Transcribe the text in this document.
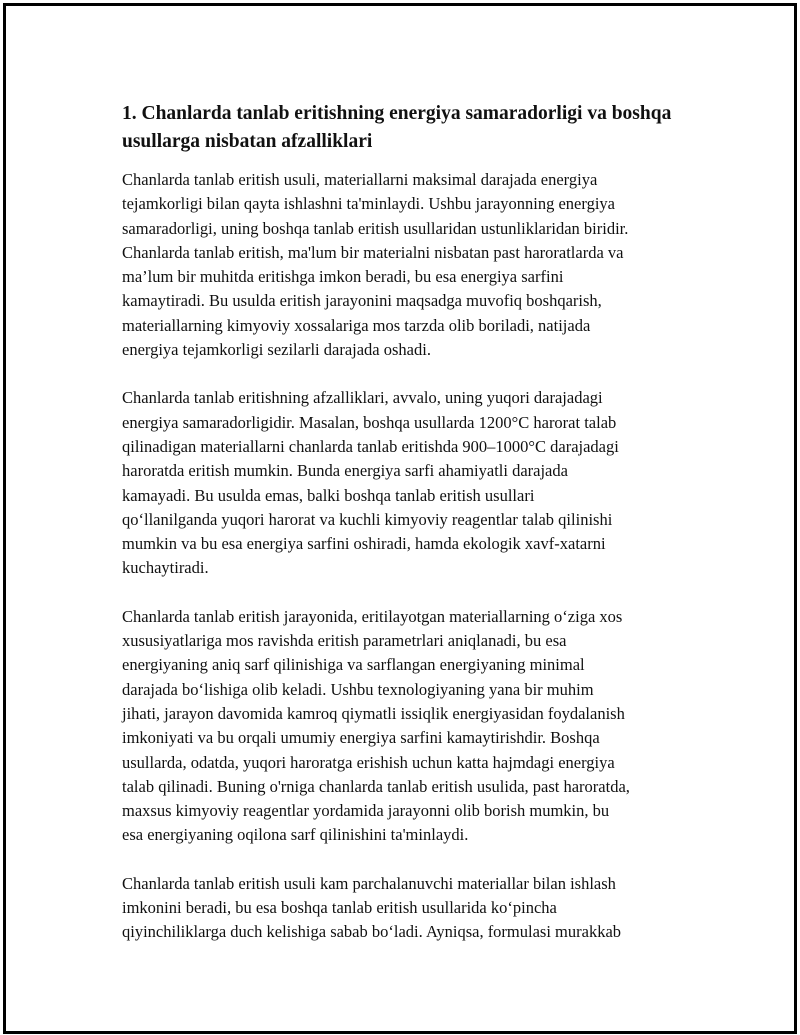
1. Chanlarda tanlab eritishning energiya samaradorligi va boshqa usullarga nisbatan afzalliklari

Chanlarda tanlab eritish usuli, materiallarni maksimal darajada energiya
tejamkorligi bilan qayta ishlashni ta'minlaydi. Ushbu jarayonning energiya
samaradorligi, uning boshqa tanlab eritish usullaridan ustunliklaridan biridir.
Chanlarda tanlab eritish, ma'lum bir materialni nisbatan past haroratlarda va
ma’lum bir muhitda eritishga imkon beradi, bu esa energiya sarfini
kamaytiradi. Bu usulda eritish jarayonini maqsadga muvofiq boshqarish,
materiallarning kimyoviy xossalariga mos tarzda olib boriladi, natijada
energiya tejamkorligi sezilarli darajada oshadi.

Chanlarda tanlab eritishning afzalliklari, avvalo, uning yuqori darajadagi
energiya samaradorligidir. Masalan, boshqa usullarda 1200°C harorat talab
qilinadigan materiallarni chanlarda tanlab eritishda 900–1000°C darajadagi
haroratda eritish mumkin. Bunda energiya sarfi ahamiyatli darajada
kamayadi. Bu usulda emas, balki boshqa tanlab eritish usullari
qo‘llanilganda yuqori harorat va kuchli kimyoviy reagentlar talab qilinishi
mumkin va bu esa energiya sarfini oshiradi, hamda ekologik xavf-xatarni
kuchaytiradi.

Chanlarda tanlab eritish jarayonida, eritilayotgan materiallarning o‘ziga xos
xususiyatlariga mos ravishda eritish parametrlari aniqlanadi, bu esa
energiyaning aniq sarf qilinishiga va sarflangan energiyaning minimal
darajada bo‘lishiga olib keladi. Ushbu texnologiyaning yana bir muhim
jihati, jarayon davomida kamroq qiymatli issiqlik energiyasidan foydalanish
imkoniyati va bu orqali umumiy energiya sarfini kamaytirishdir. Boshqa
usullarda, odatda, yuqori haroratga erishish uchun katta hajmdagi energiya
talab qilinadi. Buning o'rniga chanlarda tanlab eritish usulida, past haroratda,
maxsus kimyoviy reagentlar yordamida jarayonni olib borish mumkin, bu
esa energiyaning oqilona sarf qilinishini ta'minlaydi.

Chanlarda tanlab eritish usuli kam parchalanuvchi materiallar bilan ishlash
imkonini beradi, bu esa boshqa tanlab eritish usullarida ko‘pincha
qiyinchiliklarga duch kelishiga sabab bo‘ladi. Ayniqsa, formulasi murakkab
